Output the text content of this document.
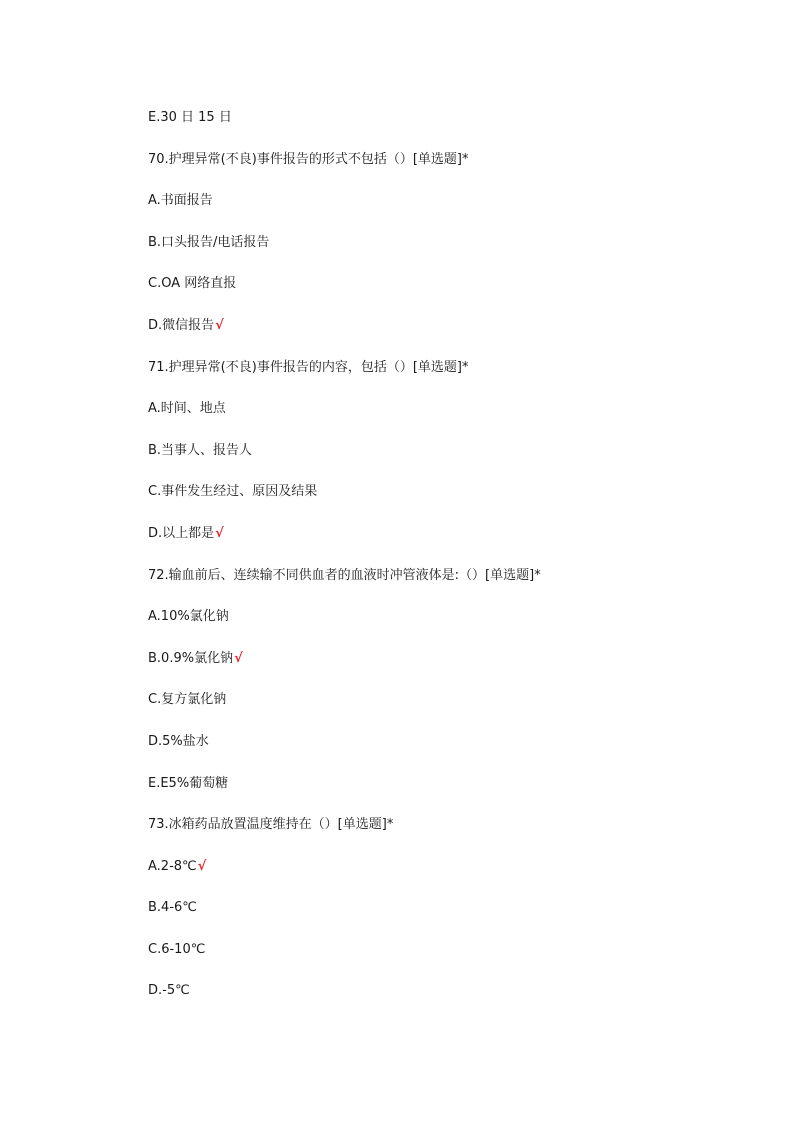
E.30 日 15 日
70.护理异常(不良)事件报告的形式不包括（）[单选题]*
A.书面报告
B.口头报告/电话报告
C.OA 网络直报
D.微信报告√
71.护理异常(不良)事件报告的内容，包括（）[单选题]*
A.时间、地点
B.当事人、报告人
C.事件发生经过、原因及结果
D.以上都是√
72.输血前后、连续输不同供血者的血液时冲管液体是:（）[单选题]*
A.10%氯化钠
B.0.9%氯化钠√
C.复方氯化钠
D.5%盐水
E.E5%葡萄糖
73.冰箱药品放置温度维持在（）[单选题]*
A.2-8℃√
B.4-6℃
C.6-10℃
D.-5℃
